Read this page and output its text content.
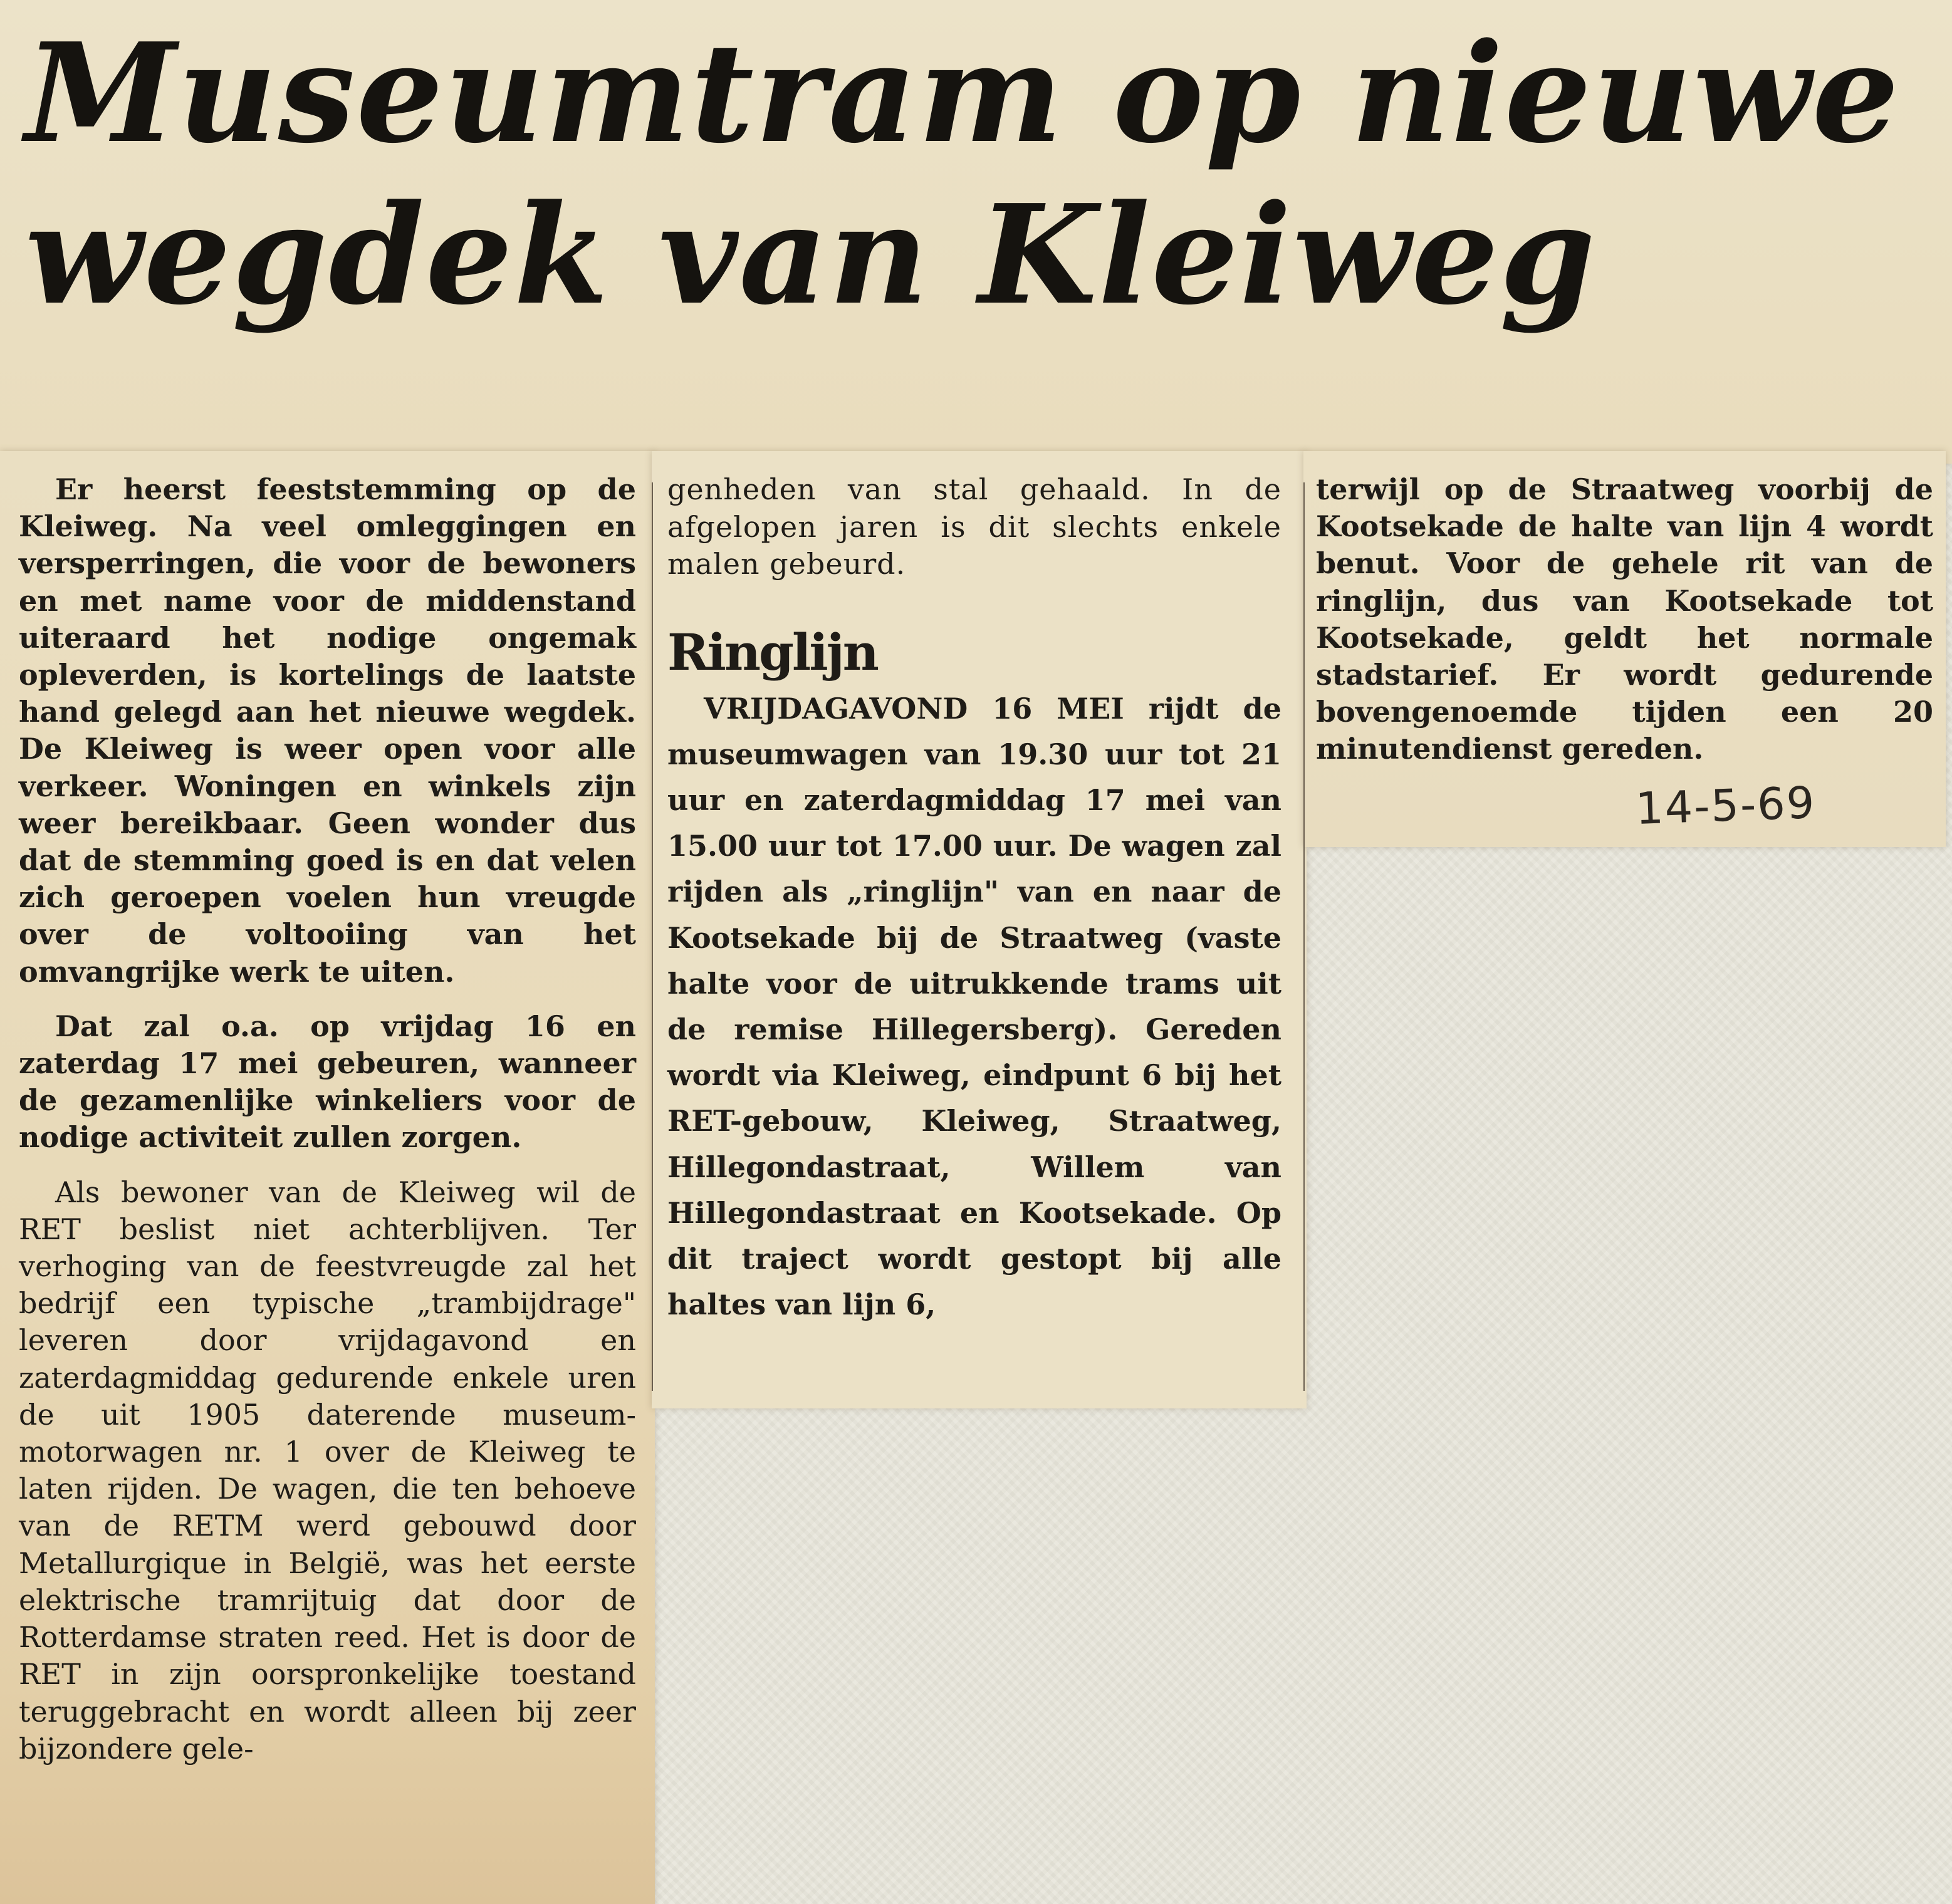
Museumtram op nieuwe
wegdek van Kleiweg

Er heerst feeststemming op de Kleiweg. Na veel omleggingen en versperringen, die voor de bewoners en met name voor de middenstand uiteraard het nodige ongemak opleverden, is kortelings de laatste hand gelegd aan het nieuwe wegdek. De Kleiweg is weer open voor alle verkeer. Woningen en winkels zijn weer bereikbaar. Geen wonder dus dat de stemming goed is en dat velen zich geroepen voelen hun vreugde over de voltooiing van het omvangrijke werk te uiten.

Dat zal o.a. op vrijdag 16 en zaterdag 17 mei gebeuren, wanneer de gezamenlijke winkeliers voor de nodige activiteit zullen zorgen.

Als bewoner van de Kleiweg wil de RET beslist niet achterblijven. Ter verhoging van de feestvreugde zal het bedrijf een typische „trambijdrage" leveren door vrijdagavond en zaterdagmiddag gedurende enkele uren de uit 1905 daterende museum-motorwagen nr. 1 over de Kleiweg te laten rijden. De wagen, die ten behoeve van de RETM werd gebouwd door Metallurgique in België, was het eerste elektrische tramrijtuig dat door de Rotterdamse straten reed. Het is door de RET in zijn oorspronkelijke toestand teruggebracht en wordt alleen bij zeer bijzondere gele-

genheden van stal gehaald. In de afgelopen jaren is dit slechts enkele malen gebeurd.

Ringlijn

VRIJDAGAVOND 16 MEI rijdt de museumwagen van 19.30 uur tot 21 uur en zaterdagmiddag 17 mei van 15.00 uur tot 17.00 uur. De wagen zal rijden als „ringlijn" van en naar de Kootsekade bij de Straatweg (vaste halte voor de uitrukkende trams uit de remise Hillegersberg). Gereden wordt via Kleiweg, eindpunt 6 bij het RET-gebouw, Kleiweg, Straatweg, Hillegondastraat, Willem van Hillegondastraat en Kootsekade. Op dit traject wordt gestopt bij alle haltes van lijn 6,

terwijl op de Straatweg voorbij de Kootsekade de halte van lijn 4 wordt benut. Voor de gehele rit van de ringlijn, dus van Kootsekade tot Kootsekade, geldt het normale stadstarief. Er wordt gedurende bovengenoemde tijden een 20 minutendienst gereden.

14-5-69
